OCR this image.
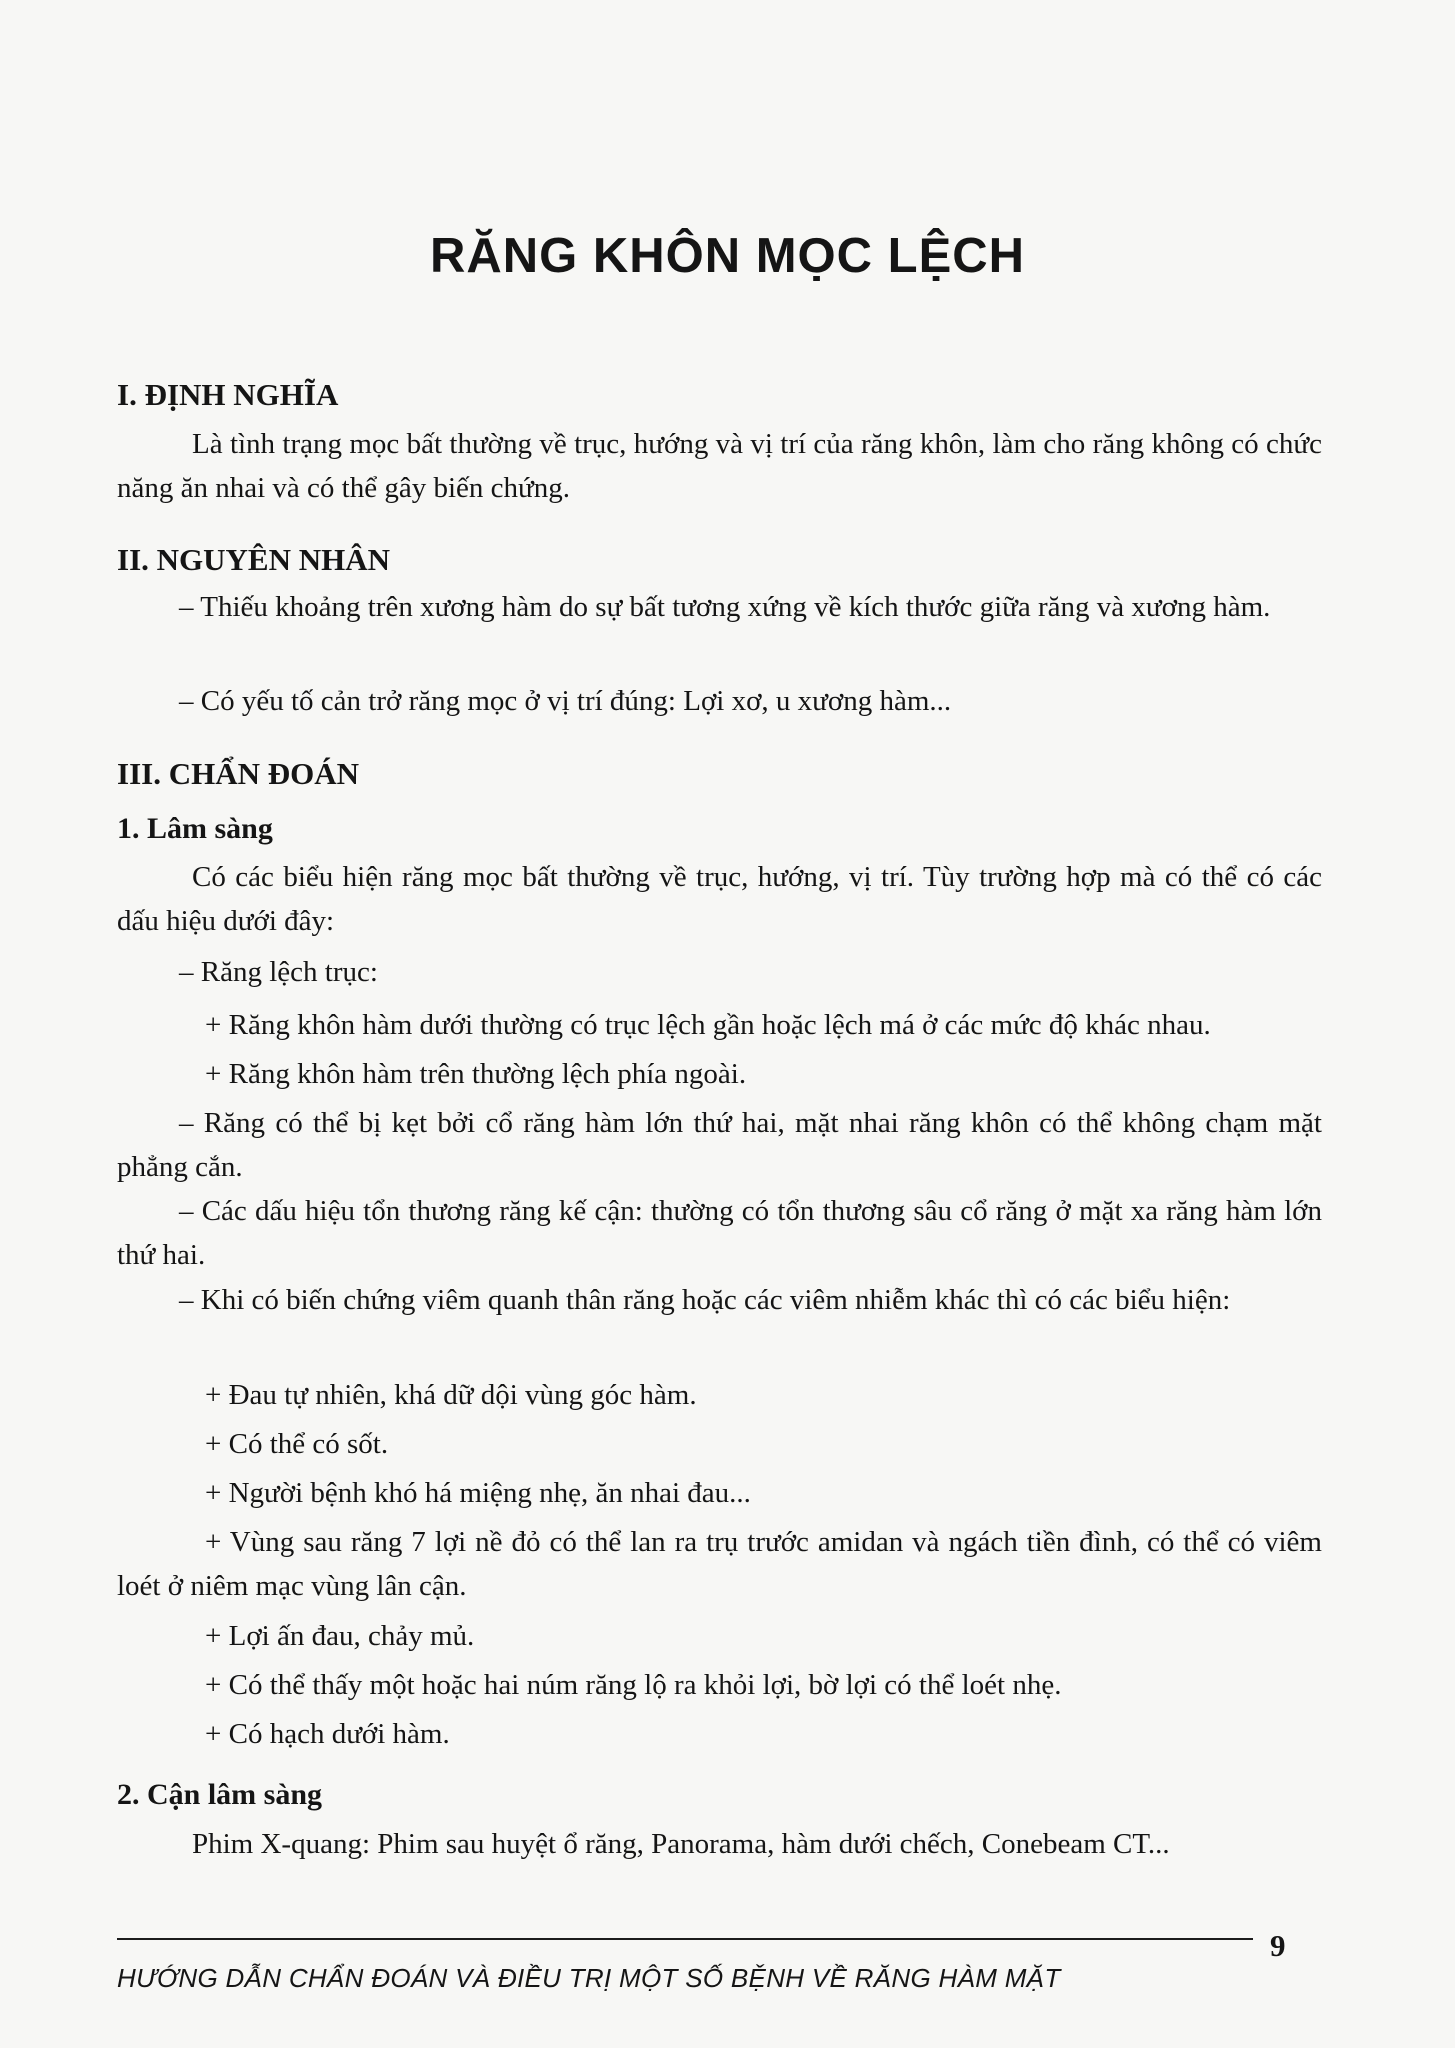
RĂNG KHÔN MỌC LỆCH
I. ĐỊNH NGHĨA

Là tình trạng mọc bất thường về trục, hướng và vị trí của răng khôn, làm cho răng không có chức năng ăn nhai và có thể gây biến chứng.

II. NGUYÊN NHÂN

– Thiếu khoảng trên xương hàm do sự bất tương xứng về kích thước giữa răng và xương hàm.

– Có yếu tố cản trở răng mọc ở vị trí đúng: Lợi xơ, u xương hàm...

III. CHẨN ĐOÁN
1. Lâm sàng

Có các biểu hiện răng mọc bất thường về trục, hướng, vị trí. Tùy trường hợp mà có thể có các dấu hiệu dưới đây:

– Răng lệch trục:

+ Răng khôn hàm dưới thường có trục lệch gần hoặc lệch má ở các mức độ khác nhau.

+ Răng khôn hàm trên thường lệch phía ngoài.

– Răng có thể bị kẹt bởi cổ răng hàm lớn thứ hai, mặt nhai răng khôn có thể không chạm mặt phẳng cắn.

– Các dấu hiệu tổn thương răng kế cận: thường có tổn thương sâu cổ răng ở mặt xa răng hàm lớn thứ hai.

– Khi có biến chứng viêm quanh thân răng hoặc các viêm nhiễm khác thì có các biểu hiện:

+ Đau tự nhiên, khá dữ dội vùng góc hàm.

+ Có thể có sốt.

+ Người bệnh khó há miệng nhẹ, ăn nhai đau...

+ Vùng sau răng 7 lợi nề đỏ có thể lan ra trụ trước amidan và ngách tiền đình, có thể có viêm loét ở niêm mạc vùng lân cận.

+ Lợi ấn đau, chảy mủ.

+ Có thể thấy một hoặc hai núm răng lộ ra khỏi lợi, bờ lợi có thể loét nhẹ.

+ Có hạch dưới hàm.

2. Cận lâm sàng

Phim X-quang: Phim sau huyệt ổ răng, Panorama, hàm dưới chếch, Conebeam CT...

9
HƯỚNG DẪN CHẨN ĐOÁN VÀ ĐIỀU TRỊ MỘT SỐ BỆNH VỀ RĂNG HÀM MẶT
